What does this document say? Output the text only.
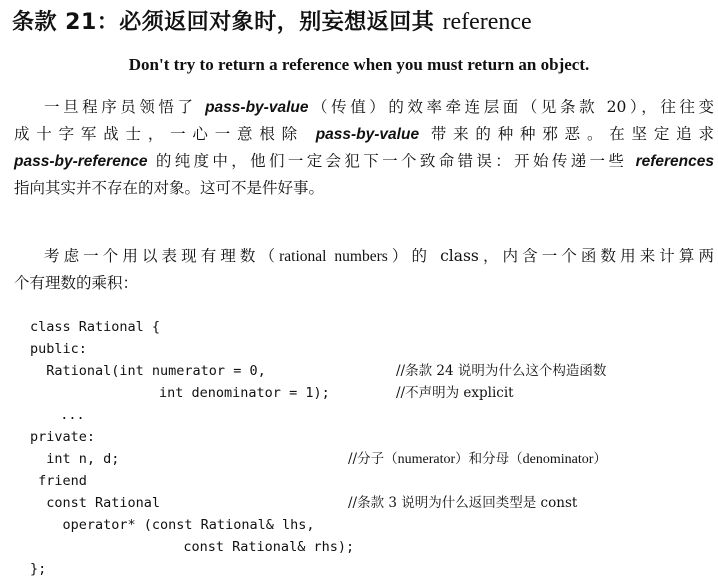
条款 21：必须返回对象时，别妄想返回其 reference
Don't try to return a reference when you must return an object.
一旦程序员领悟了 pass-by-value（传值）的效率牵连层面（见条款 20），往往变
成十字军战士，一心一意根除 pass-by-value 带来的种种邪恶。在坚定追求
pass-by-reference 的纯度中，他们一定会犯下一个致命错误：开始传递一些 references
指向其实并不存在的对象。这可不是件好事。
考虑一个用以表现有理数（rational numbers）的 class，内含一个函数用来计算两
个有理数的乘积：
class Rational {
public:
Rational(int numerator = 0,	//条款 24 说明为什么这个构造函数
int denominator = 1);	//不声明为 explicit
...
private:
int n, d;	//分子（numerator）和分母（denominator）
friend
const Rational	//条款 3 说明为什么返回类型是 const
operator* (const Rational& lhs,
const Rational& rhs);
};
